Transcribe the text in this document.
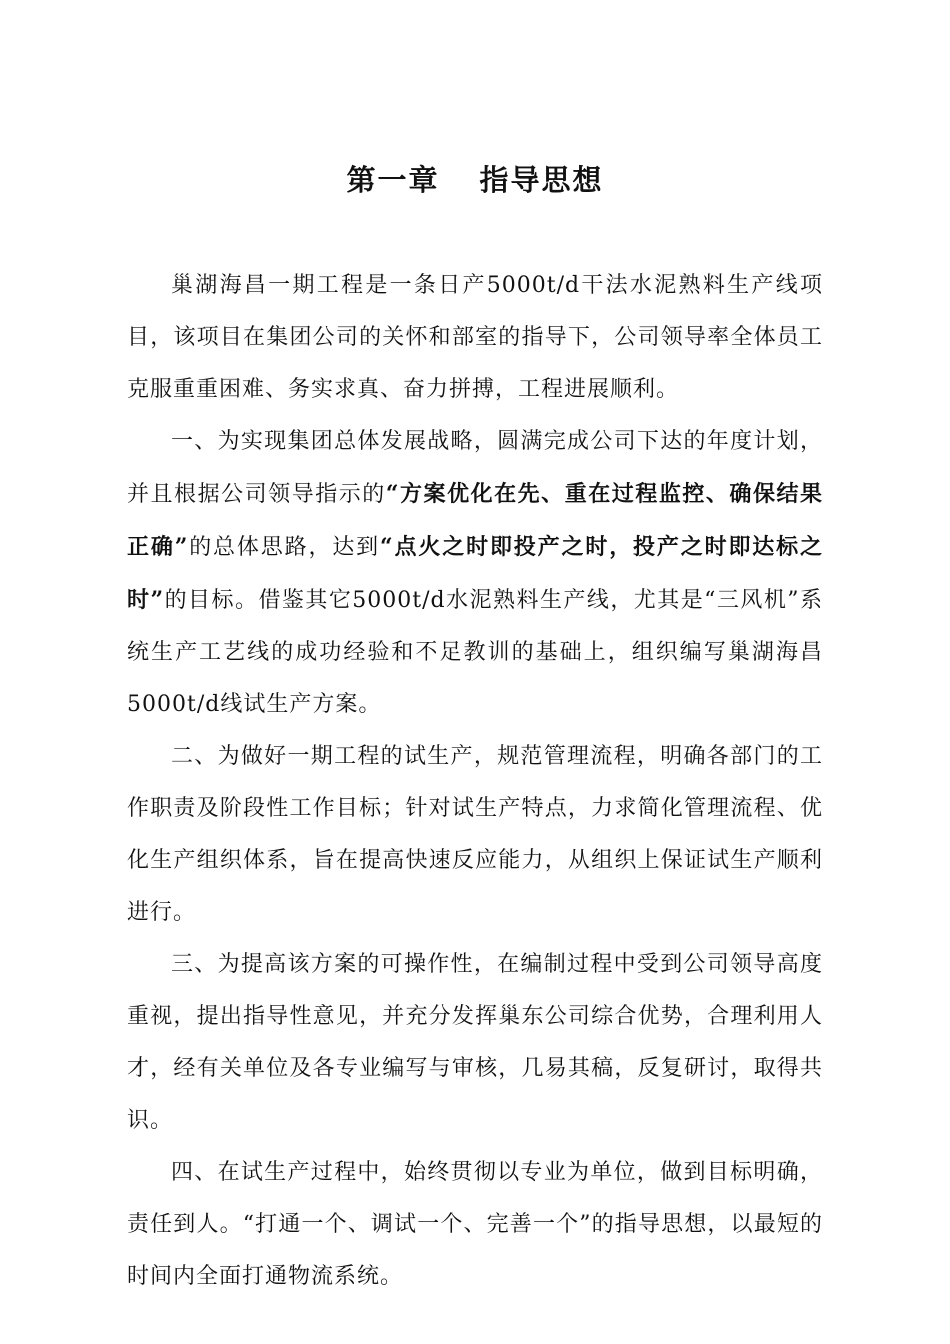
第一章 指导思想

巢湖海昌一期工程是一条日产5000t/d干法水泥熟料生产线项目，该项目在集团公司的关怀和部室的指导下，公司领导率全体员工克服重重困难、务实求真、奋力拼搏，工程进展顺利。

一、为实现集团总体发展战略，圆满完成公司下达的年度计划，并且根据公司领导指示的“方案优化在先、重在过程监控、确保结果正确”的总体思路，达到“点火之时即投产之时，投产之时即达标之时”的目标。借鉴其它5000t/d水泥熟料生产线，尤其是“三风机”系统生产工艺线的成功经验和不足教训的基础上，组织编写巢湖海昌5000t/d线试生产方案。

二、为做好一期工程的试生产，规范管理流程，明确各部门的工作职责及阶段性工作目标；针对试生产特点，力求简化管理流程、优化生产组织体系，旨在提高快速反应能力，从组织上保证试生产顺利进行。

三、为提高该方案的可操作性，在编制过程中受到公司领导高度重视，提出指导性意见，并充分发挥巢东公司综合优势，合理利用人才，经有关单位及各专业编写与审核，几易其稿，反复研讨，取得共识。

四、在试生产过程中，始终贯彻以专业为单位，做到目标明确，责任到人。“打通一个、调试一个、完善一个”的指导思想，以最短的时间内全面打通物流系统。
